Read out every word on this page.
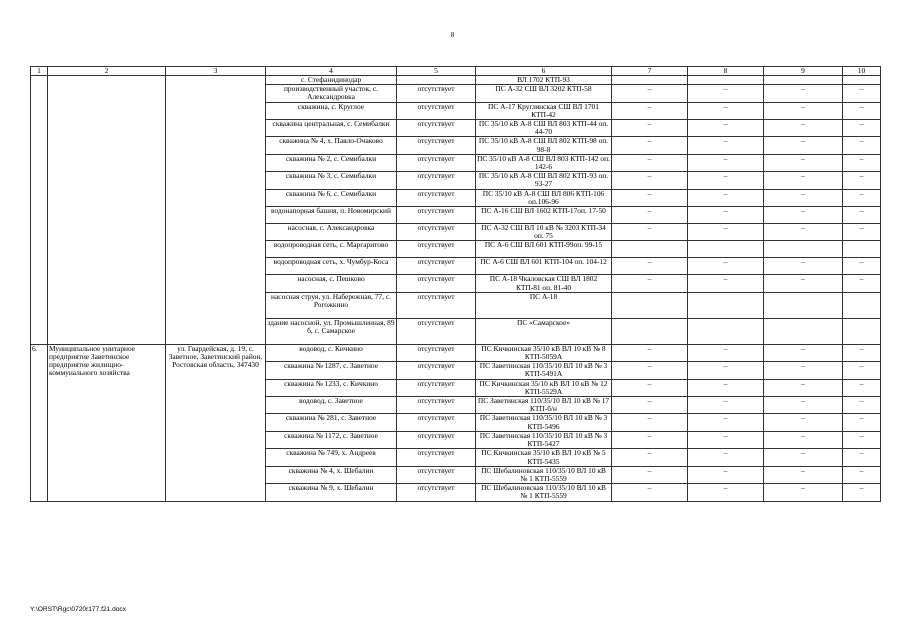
8
1	2	3	4	5	6	7	8	9	10
			с. Стефанидинодар		ВЛ 1702 КТП-93				
			производственный участок, с. Александровка	отсутствует	ПС А-32 СШ ВЛ 3202 КТП-58	–	–	–	–
			скважина, с. Круглое	отсутствует	ПС А-17 Круглянская СШ ВЛ 1701 КТП-42	–	–	–	–
			скважина центральная, с. Семибалки	отсутствует	ПС 35/10 кВ А-8 СШ ВЛ 803 КТП-44 оп. 44-70	–	–	–	–
			скважина № 4, х. Павло-Очаково	отсутствует	ПС 35/10 кВ А-8 СШ ВЛ 802 КТП-98 оп. 98-8	–	–	–	–
			скважина № 2, с. Семибалки	отсутствует	ПС 35/10 кВ А-8 СШ ВЛ 803 КТП-142 оп. 142-6	–	–	–	–
			скважина № 3, с. Семибалки	отсутствует	ПС 35/10 кВ А-8 СШ ВЛ 802 КТП-93 оп. 93-27	–	–	–	–
			скважина № 6, с. Семибалки	отсутствует	ПС 35/10 кВ А-8 СШ ВЛ 806 КТП-106 оп.106-96	–	–	–	–
			водонапорная башня, п. Новомирский	отсутствует	ПС А-16 СШ ВЛ 1602 КТП-17оп. 17-50	–	–	–	–
			насосная, с. Александровка	отсутствует	ПС А-32 СШ ВЛ 10 кВ № 3203 КТП-34 оп. 75	–	–	–	–
			водопроводная сеть, с. Маргаритово	отсутствует	ПС А-6 СШ ВЛ 601 КТП-99оп. 99-15				
			водопроводная сеть, х. Чумбур-Коса	отсутствует	ПС А-6 СШ ВЛ 601 КТП-104 оп. 104-12	–	–	–	–
			насосная, с. Пешково	отсутствует	ПС А-18 Чкаловская СШ ВЛ 1802 КТП-81 оп. 81-40	–	–	–	–
			насосная струя, ул. Набережная, 77, с. Рогожкино	отсутствует	ПС А-18				
			здание насосной, ул. Промышленная, 89 б, с. Самарское	отсутствует	ПС «Самарское»				
6.	Муниципальное унитарное предприятие Заветинское предприятие жилищно-коммунального хозяйства	ул. Гвардейская, д. 19, с. Заветное, Заветинский район, Ростовская область, 347430	водовод, с. Кичкино	отсутствует	ПС Кичкинская 35/10 кВ ВЛ 10 кВ № 8 КТП-5059А	–	–	–	–
			скважина № 1287, с. Заветное	отсутствует	ПС Заветинская 110/35/10 ВЛ 10 кВ № 3 КТП-5491А	–	–	–	–
			скважина № 1233, с. Кичкино	отсутствует	ПС Кичкинская 35/10 кВ ВЛ 10 кВ № 12 КТП-5529А	–	–	–	–
			водовод, с. Заветное	отсутствует	ПС Заветинская 110/35/10 ВЛ 10 кВ № 17 КТП-б/н	–	–	–	–
			скважина № 281, с. Заветное	отсутствует	ПС Заветинская 110/35/10 ВЛ 10 кВ № 3 КТП-5496	–	–	–	–
			скважина № 1172, с. Заветное	отсутствует	ПС Заветинская 110/35/10 ВЛ 10 кВ № 3 КТП-5427	–	–	–	–
			скважина № 749, х. Андреев	отсутствует	ПС Кичкинская 35/10 кВ ВЛ 10 кВ № 5 КТП-5435	–	–	–	–
			скважина № 4, х. Шебалин	отсутствует	ПС Шебалиновская 110/35/10 ВЛ 10 кВ № 1 КТП-5559	–	–	–	–
			скважина № 9, х. Шебалин	отсутствует	ПС Шебалиновская 110/35/10 ВЛ 10 кВ № 1 КТП-5559	–	–	–	–
Y:\ORST\Rgc\0720r177.f21.docx
